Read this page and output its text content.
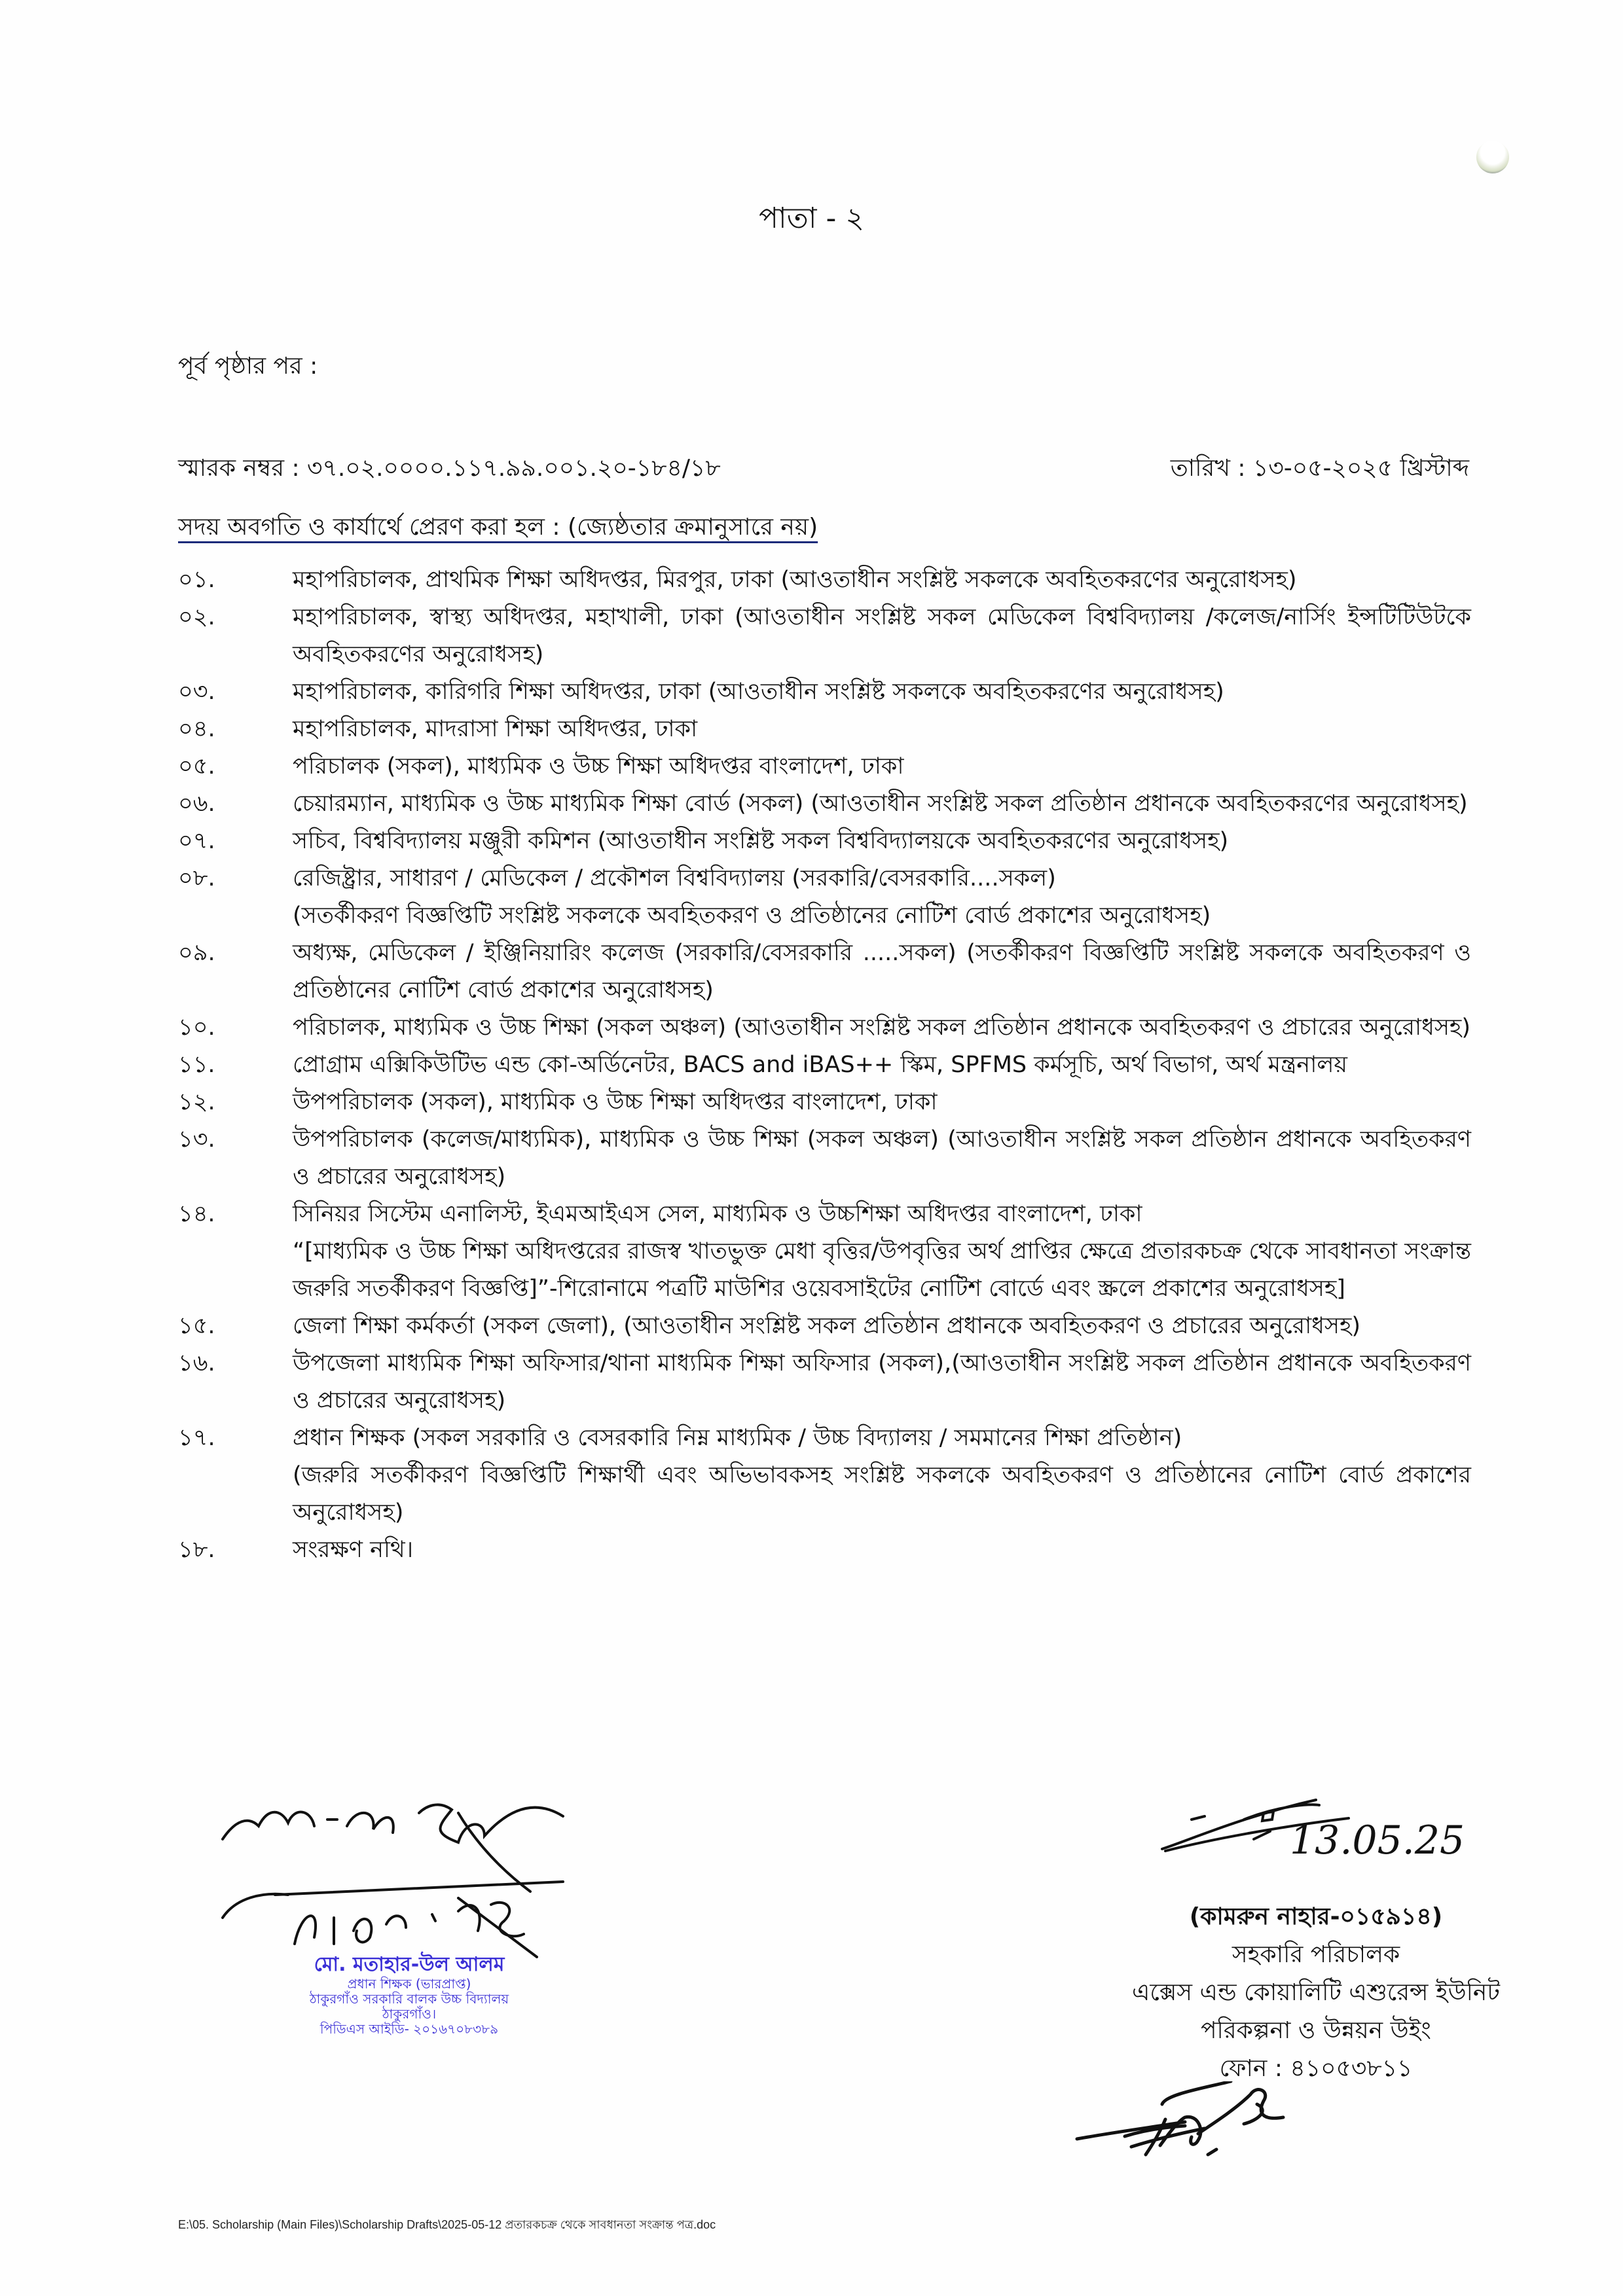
পাতা - ২
পূর্ব পৃষ্ঠার পর :
স্মারক নম্বর : ৩৭.০২.০০০০.১১৭.৯৯.০০১.২০-১৮৪/১৮	তারিখ : ১৩-০৫-২০২৫ খ্রিস্টাব্দ
সদয় অবগতি ও কার্যার্থে প্রেরণ করা হল : (জ্যেষ্ঠতার ক্রমানুসারে নয়)
০১.	মহাপরিচালক, প্রাথমিক শিক্ষা অধিদপ্তর, মিরপুর, ঢাকা (আওতাধীন সংশ্লিষ্ট সকলকে অবহিতকরণের অনুরোধসহ)
০২.	মহাপরিচালক, স্বাস্থ্য অধিদপ্তর, মহাখালী, ঢাকা (আওতাধীন সংশ্লিষ্ট সকল মেডিকেল বিশ্ববিদ্যালয় /কলেজ/নার্সিং ইন্সটিটিউটকে অবহিতকরণের অনুরোধসহ)
০৩.	মহাপরিচালক, কারিগরি শিক্ষা অধিদপ্তর, ঢাকা (আওতাধীন সংশ্লিষ্ট সকলকে অবহিতকরণের অনুরোধসহ)
০৪.	মহাপরিচালক, মাদরাসা শিক্ষা অধিদপ্তর, ঢাকা
০৫.	পরিচালক (সকল), মাধ্যমিক ও উচ্চ শিক্ষা অধিদপ্তর বাংলাদেশ, ঢাকা
০৬.	চেয়ারম্যান, মাধ্যমিক ও উচ্চ মাধ্যমিক শিক্ষা বোর্ড (সকল) (আওতাধীন সংশ্লিষ্ট সকল প্রতিষ্ঠান প্রধানকে অবহিতকরণের অনুরোধসহ)
০৭.	সচিব, বিশ্ববিদ্যালয় মঞ্জুরী কমিশন (আওতাধীন সংশ্লিষ্ট সকল বিশ্ববিদ্যালয়কে অবহিতকরণের অনুরোধসহ)
০৮.	রেজিষ্ট্রার, সাধারণ / মেডিকেল / প্রকৌশল বিশ্ববিদ্যালয় (সরকারি/বেসরকারি....সকল)
(সতর্কীকরণ বিজ্ঞপ্তিটি সংশ্লিষ্ট সকলকে অবহিতকরণ ও প্রতিষ্ঠানের নোটিশ বোর্ড প্রকাশের অনুরোধসহ)
০৯.	অধ্যক্ষ, মেডিকেল / ইঞ্জিনিয়ারিং কলেজ (সরকারি/বেসরকারি .....সকল) (সতর্কীকরণ বিজ্ঞপ্তিটি সংশ্লিষ্ট সকলকে অবহিতকরণ ও প্রতিষ্ঠানের নোটিশ বোর্ড প্রকাশের অনুরোধসহ)
১০.	পরিচালক, মাধ্যমিক ও উচ্চ শিক্ষা (সকল অঞ্চল) (আওতাধীন সংশ্লিষ্ট সকল প্রতিষ্ঠান প্রধানকে অবহিতকরণ ও প্রচারের অনুরোধসহ)
১১.	প্রোগ্রাম এক্সিকিউটিভ এন্ড কো-অর্ডিনেটর, BACS and iBAS++ স্কিম, SPFMS কর্মসূচি, অর্থ বিভাগ, অর্থ মন্ত্রনালয়
১২.	উপপরিচালক (সকল), মাধ্যমিক ও উচ্চ শিক্ষা অধিদপ্তর বাংলাদেশ, ঢাকা
১৩.	উপপরিচালক (কলেজ/মাধ্যমিক), মাধ্যমিক ও উচ্চ শিক্ষা (সকল অঞ্চল) (আওতাধীন সংশ্লিষ্ট সকল প্রতিষ্ঠান প্রধানকে অবহিতকরণ ও প্রচারের অনুরোধসহ)
১৪.	সিনিয়র সিস্টেম এনালিস্ট, ইএমআইএস সেল, মাধ্যমিক ও উচ্চশিক্ষা অধিদপ্তর বাংলাদেশ, ঢাকা
“[মাধ্যমিক ও উচ্চ শিক্ষা অধিদপ্তরের রাজস্ব খাতভুক্ত মেধা বৃত্তির/উপবৃত্তির অর্থ প্রাপ্তির ক্ষেত্রে প্রতারকচক্র থেকে সাবধানতা সংক্রান্ত জরুরি সতর্কীকরণ বিজ্ঞপ্তি]”-শিরোনামে পত্রটি মাউশির ওয়েবসাইটের নোটিশ বোর্ডে এবং স্ক্রলে প্রকাশের অনুরোধসহ]
১৫.	জেলা শিক্ষা কর্মকর্তা (সকল জেলা), (আওতাধীন সংশ্লিষ্ট সকল প্রতিষ্ঠান প্রধানকে অবহিতকরণ ও প্রচারের অনুরোধসহ)
১৬.	উপজেলা মাধ্যমিক শিক্ষা অফিসার/থানা মাধ্যমিক শিক্ষা অফিসার (সকল),(আওতাধীন সংশ্লিষ্ট সকল প্রতিষ্ঠান প্রধানকে অবহিতকরণ ও প্রচারের অনুরোধসহ)
১৭.	প্রধান শিক্ষক (সকল সরকারি ও বেসরকারি নিম্ন মাধ্যমিক / উচ্চ বিদ্যালয় / সমমানের শিক্ষা প্রতিষ্ঠান)
(জরুরি সতর্কীকরণ বিজ্ঞপ্তিটি শিক্ষার্থী এবং অভিভাবকসহ সংশ্লিষ্ট সকলকে অবহিতকরণ ও প্রতিষ্ঠানের নোটিশ বোর্ড প্রকাশের অনুরোধসহ)
১৮.	সংরক্ষণ নথি।
মো. মতাহার-উল আলম
প্রধান শিক্ষক (ভারপ্রাপ্ত)
ঠাকুরগাঁও সরকারি বালক উচ্চ বিদ্যালয়
ঠাকুরগাঁও।
পিডিএস আইডি- ২০১৬৭০৮৩৮৯
13.05.25
(কামরুন নাহার-০১৫৯১৪)
সহকারি পরিচালক
এক্সেস এন্ড কোয়ালিটি এশুরেন্স ইউনিট
পরিকল্পনা ও উন্নয়ন উইং
ফোন : ৪১০৫৩৮১১
E:\05. Scholarship (Main Files)\Scholarship Drafts\2025-05-12 প্রতারকচক্র থেকে সাবধানতা সংক্রান্ত পত্র.doc
